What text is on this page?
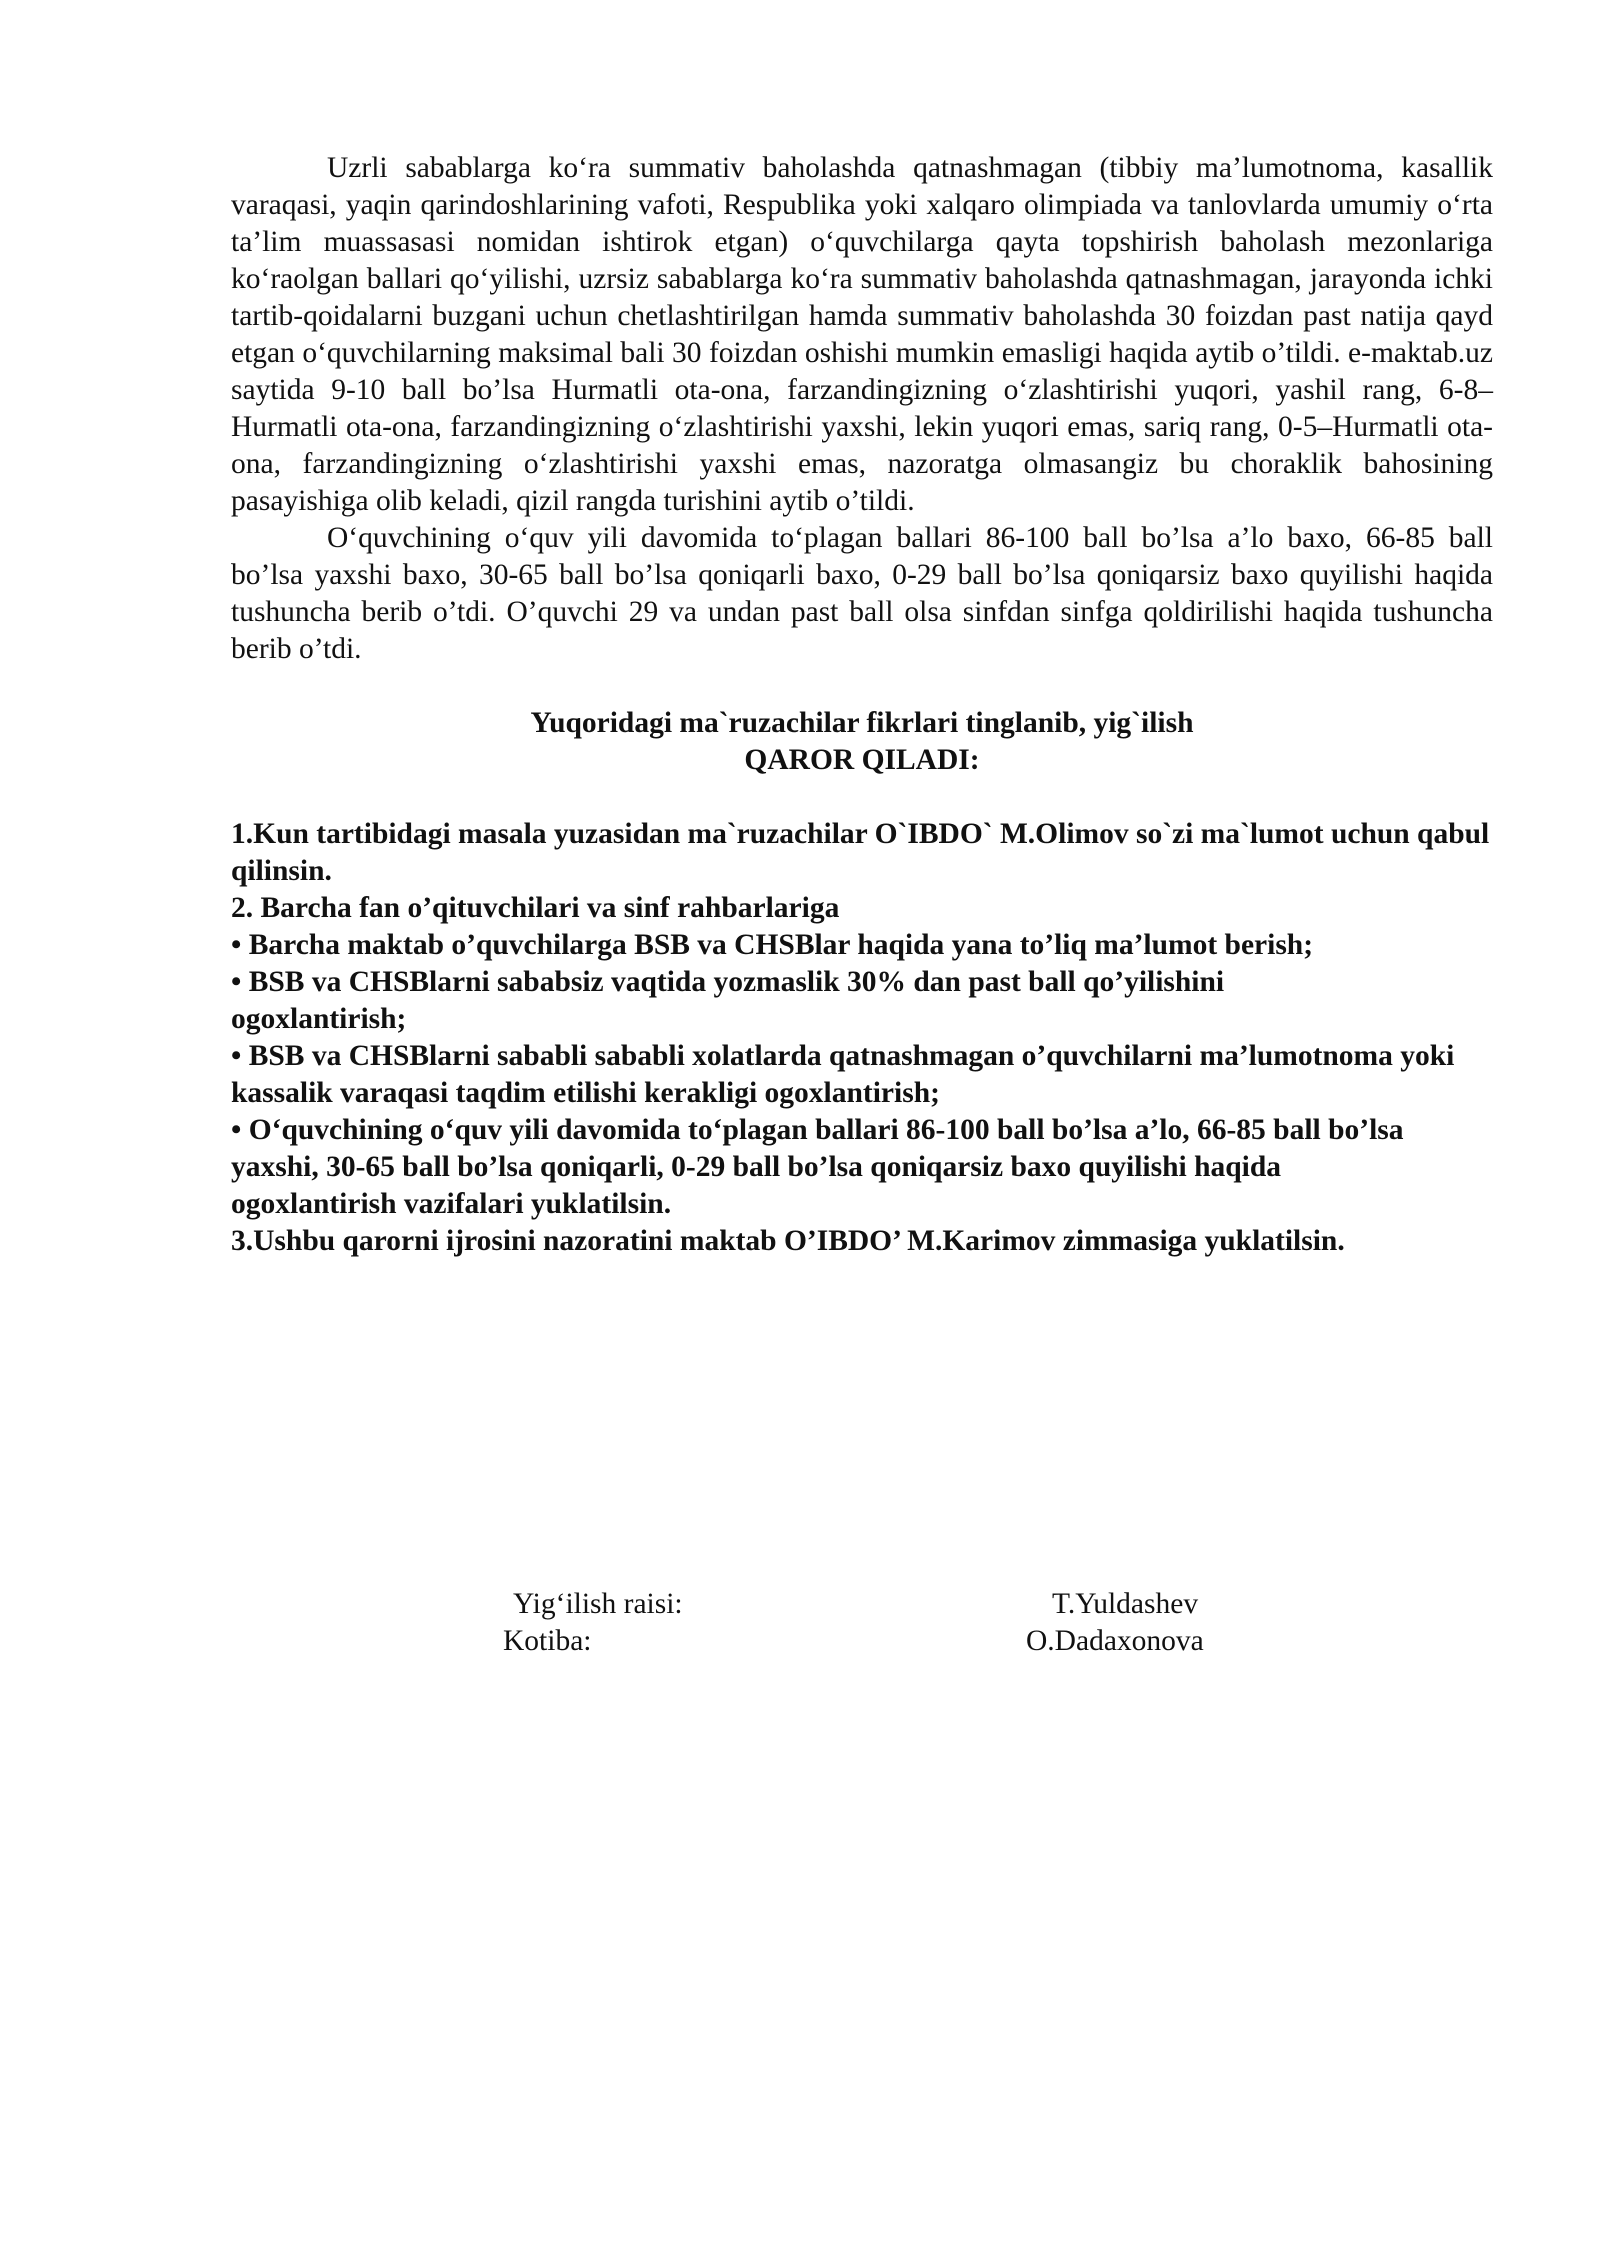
Uzrli sabablarga ko‘ra summativ baholashda qatnashmagan (tibbiy ma’lumotnoma, kasallik varaqasi, yaqin qarindoshlarining vafoti, Respublika yoki xalqaro olimpiada va tanlovlarda umumiy o‘rta ta’lim muassasasi nomidan ishtirok etgan) o‘quvchilarga qayta topshirish baholash mezonlariga ko‘raolgan ballari qo‘yilishi, uzrsiz sabablarga ko‘ra summativ baholashda qatnashmagan, jarayonda ichki tartib-qoidalarni buzgani uchun chetlashtirilgan hamda summativ baholashda 30 foizdan past natija qayd etgan o‘quvchilarning maksimal bali 30 foizdan oshishi mumkin emasligi haqida aytib o’tildi. e-maktab.uz saytida 9-10 ball bo’lsa Hurmatli ota-ona, farzandingizning o‘zlashtirishi yuqori, yashil rang, 6-8–Hurmatli ota-ona, farzandingizning o‘zlashtirishi yaxshi, lekin yuqori emas, sariq rang, 0-5–Hurmatli ota-ona, farzandingizning o‘zlashtirishi yaxshi emas, nazoratga olmasangiz bu choraklik bahosining pasayishiga olib keladi, qizil rangda turishini aytib o’tildi.

O‘quvchining o‘quv yili davomida to‘plagan ballari 86-100 ball bo’lsa a’lo baxo, 66-85 ball bo’lsa yaxshi baxo, 30-65 ball bo’lsa qoniqarli baxo, 0-29 ball bo’lsa qoniqarsiz baxo quyilishi haqida tushuncha berib o’tdi. O’quvchi 29 va undan past ball olsa sinfdan sinfga qoldirilishi haqida tushuncha berib o’tdi.

Yuqoridagi ma`ruzachilar fikrlari tinglanib, yig`ilish

QAROR QILADI:

1.Kun tartibidagi masala yuzasidan ma`ruzachilar O`IBDO` M.Olimov so`zi ma`lumot uchun qabul

qilinsin.

2. Barcha fan o’qituvchilari va sinf rahbarlariga

• Barcha maktab o’quvchilarga BSB va CHSBlar haqida yana to’liq ma’lumot berish;

• BSB va CHSBlarni sababsiz vaqtida yozmaslik 30% dan past ball qo’yilishini ogoxlantirish;

• BSB va CHSBlarni sababli sababli xolatlarda qatnashmagan o’quvchilarni ma’lumotnoma yoki kassalik varaqasi taqdim etilishi kerakligi ogoxlantirish;

• O‘quvchining o‘quv yili davomida to‘plagan ballari 86-100 ball bo’lsa a’lo, 66-85 ball bo’lsa yaxshi, 30-65 ball bo’lsa qoniqarli, 0-29 ball bo’lsa qoniqarsiz baxo quyilishi haqida ogoxlantirish vazifalari yuklatilsin.

3.Ushbu qarorni ijrosini nazoratini maktab O’IBDO’ M.Karimov zimmasiga yuklatilsin.

Yig‘ilish raisi:	T.Yuldashev
Kotiba:	O.Dadaxonova
